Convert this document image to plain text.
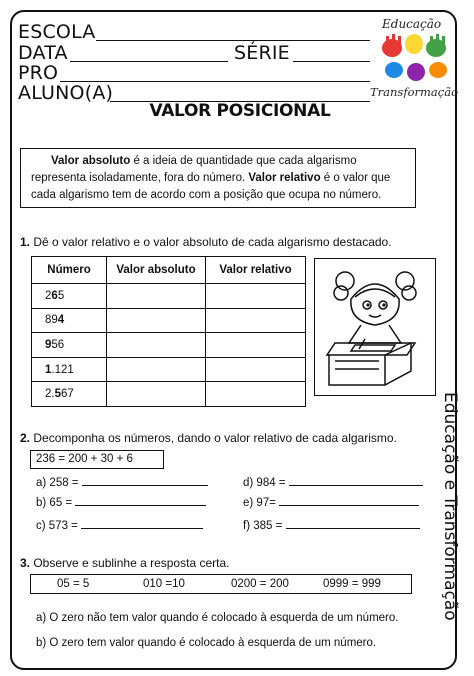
ESCOLA
DATA	SÉRIE
PRO
ALUNO(A)
Educação
e
Transformação
VALOR POSICIONAL
Valor absoluto é a ideia de quantidade que cada algarismo representa isoladamente, fora do número. Valor relativo é o valor que cada algarismo tem de acordo com a posição que ocupa no número.
1. Dê o valor relativo e o valor absoluto de cada algarismo destacado.
Número	Valor absoluto	Valor relativo
265		
894		
956		
1.121		
2.567		
2. Decomponha os números, dando o valor relativo de cada algarismo.
236 = 200 + 30 + 6
a) 258 =
b) 65 =
c) 573 =
d) 984 =
e) 97=
f) 385 =
3. Observe e sublinhe a resposta certa.
05 = 5	010 =10	0200 = 200	0999 = 999
a) O zero não tem valor quando é colocado à esquerda de um número.
b) O zero tem valor quando é colocado à esquerda de um número.
Educação e Transformação
